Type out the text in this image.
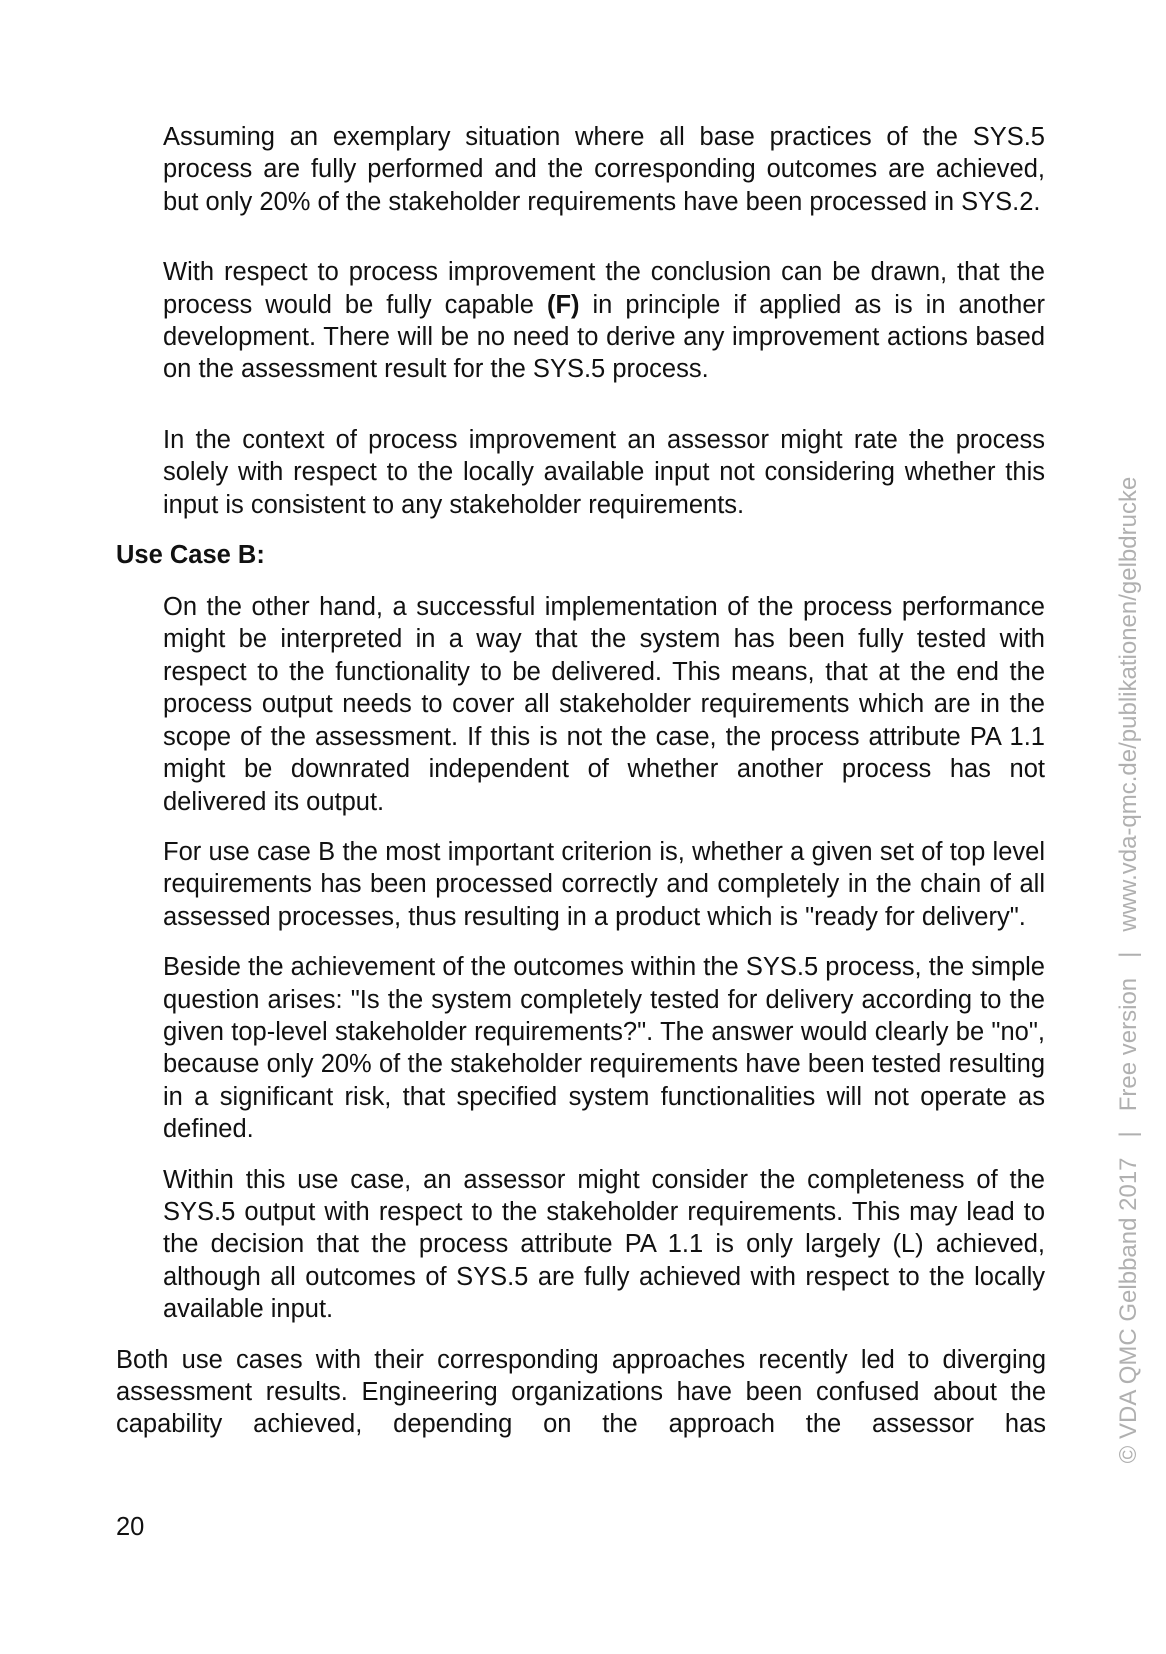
Assuming an exemplary situation where all base practices of the SYS.5 process are fully performed and the corresponding outcomes are achieved, but only 20% of the stakeholder requirements have been processed in SYS.2.

With respect to process improvement the conclusion can be drawn, that the process would be fully capable (F) in principle if applied as is in another development. There will be no need to derive any improvement actions based on the assessment result for the SYS.5 process.

In the context of process improvement an assessor might rate the process solely with respect to the locally available input not considering whether this input is consistent to any stakeholder requirements.

Use Case B:

On the other hand, a successful implementation of the process performance might be interpreted in a way that the system has been fully tested with respect to the functionality to be delivered. This means, that at the end the process output needs to cover all stakeholder requirements which are in the scope of the assessment. If this is not the case, the process attribute PA 1.1 might be downrated independent of whether another process has not delivered its output.

For use case B the most important criterion is, whether a given set of top level requirements has been processed correctly and completely in the chain of all assessed processes, thus resulting in a product which is "ready for delivery".

Beside the achievement of the outcomes within the SYS.5 process, the simple question arises: "Is the system completely tested for delivery according to the given top-level stakeholder requirements?". The answer would clearly be "no", because only 20% of the stakeholder requirements have been tested resulting in a significant risk, that specified system functionalities will not operate as defined.

Within this use case, an assessor might consider the completeness of the SYS.5 output with respect to the stakeholder requirements. This may lead to the decision that the process attribute PA 1.1 is only largely (L) achieved, although all outcomes of SYS.5 are fully achieved with respect to the locally available input.

Both use cases with their corresponding approaches recently led to diverging assessment results. Engineering organizations have been confused about the capability achieved, depending on the approach the assessor has

20
© VDA QMC Gelbband 2017   |   Free version   |   www.vda-qmc.de/publikationen/gelbdrucke
